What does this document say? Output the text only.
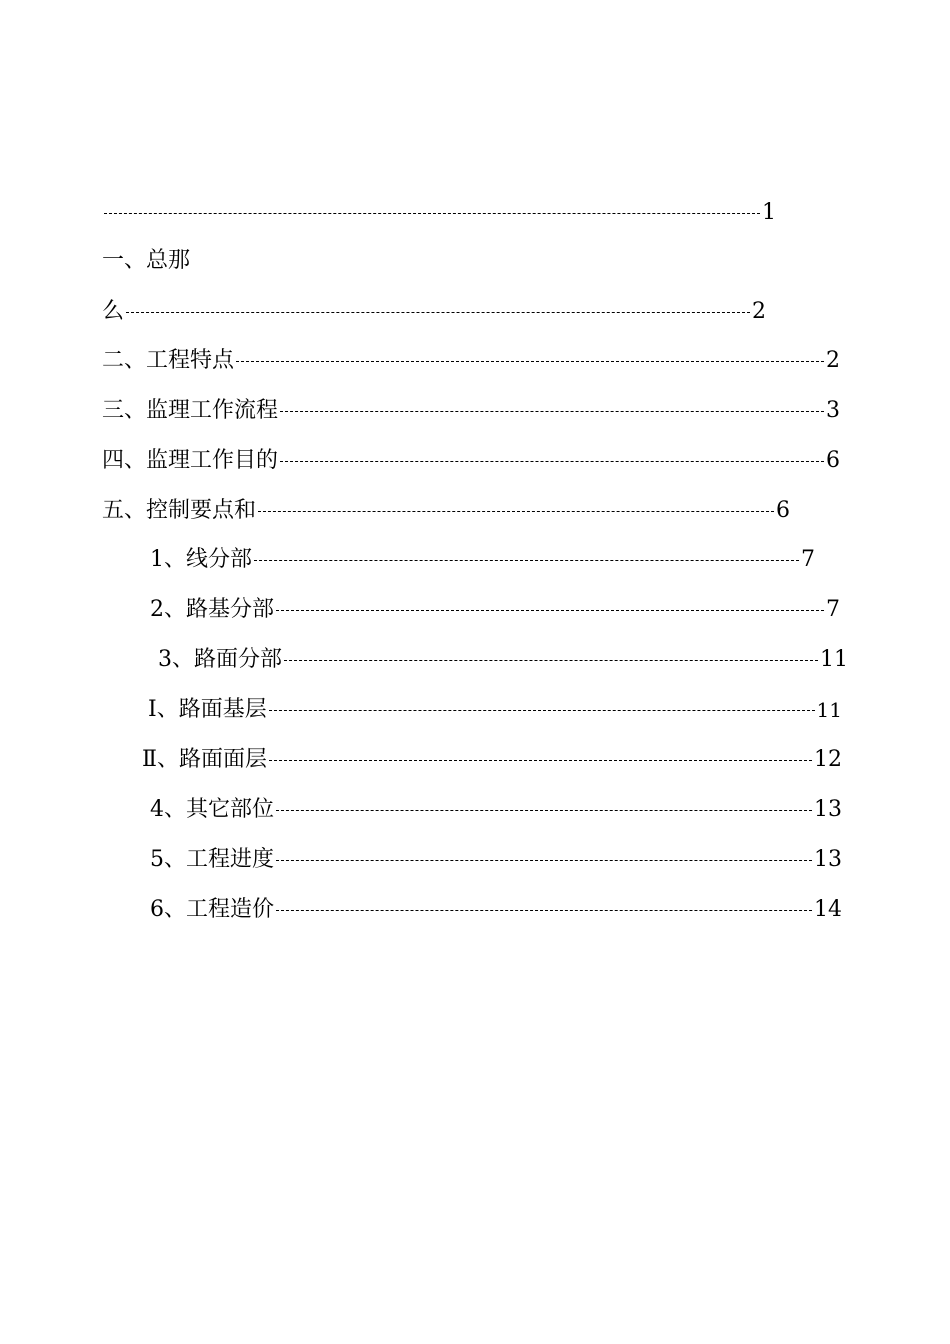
1
一、总那
么	2
二、工程特点	2
三、监理工作流程	3
四、监理工作目的	6
五、控制要点和	6
1、线分部	7
2、路基分部	7
3、路面分部	11
Ⅰ、路面基层	11
Ⅱ、路面面层	12
4、其它部位	13
5、工程进度	13
6、工程造价	14
